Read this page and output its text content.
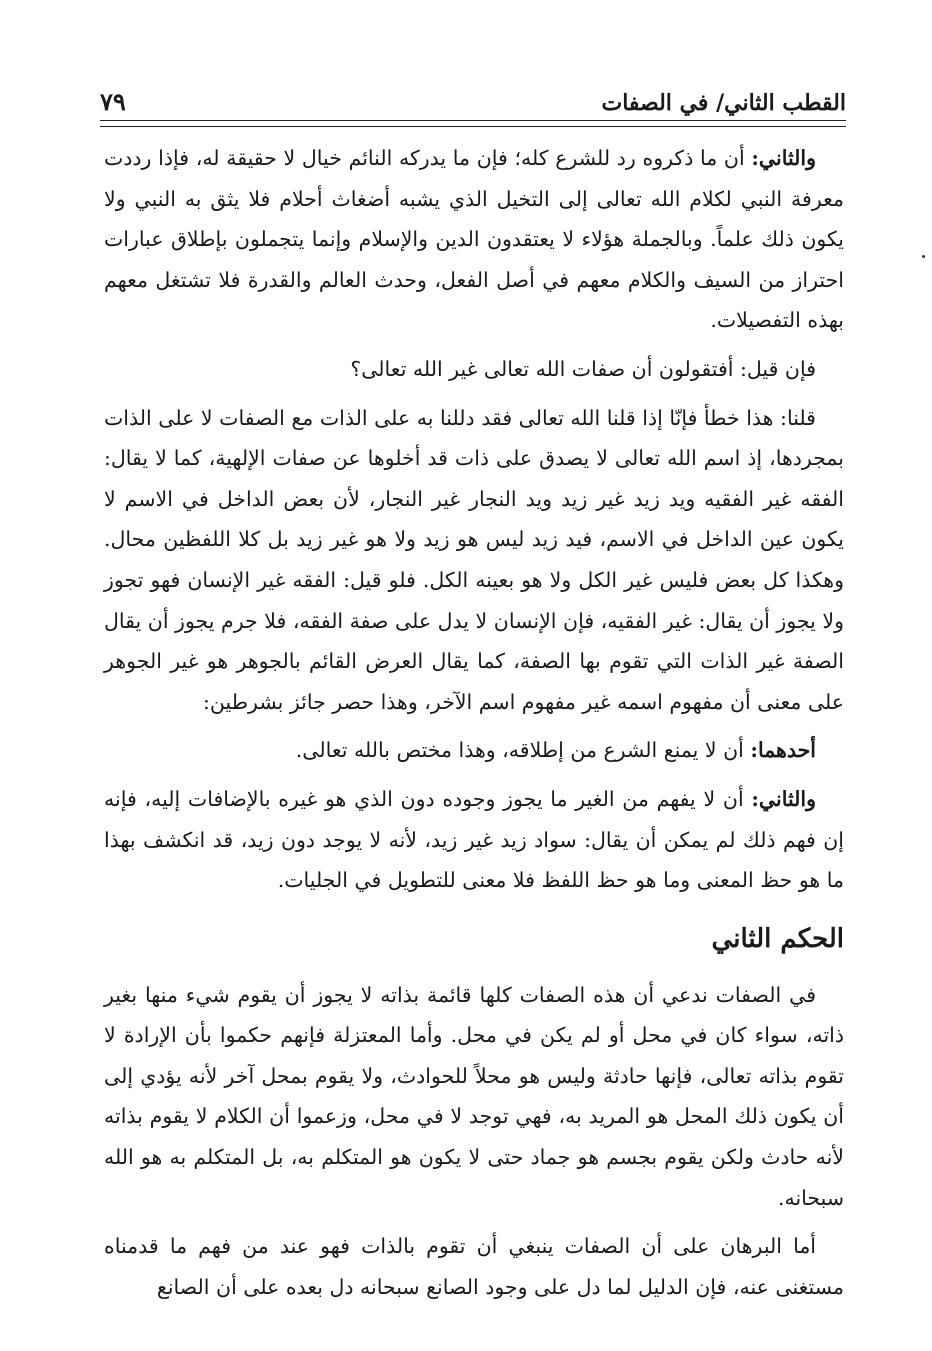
القطب الثاني/ في الصفات
٧٩

والثاني: أن ما ذكروه رد للشرع كله؛ فإن ما يدركه النائم خيال لا حقيقة له، فإذا رددت معرفة النبي لكلام الله تعالى إلى التخيل الذي يشبه أضغاث أحلام فلا يثق به النبي ولا يكون ذلك علماً. وبالجملة هؤلاء لا يعتقدون الدين والإسلام وإنما يتجملون بإطلاق عبارات احتراز من السيف والكلام معهم في أصل الفعل، وحدث العالم والقدرة فلا تشتغل معهم بهذه التفصيلات.

فإن قيل: أفتقولون أن صفات الله تعالى غير الله تعالى؟

قلنا: هذا خطأ فإنّا إذا قلنا الله تعالى فقد دللنا به على الذات مع الصفات لا على الذات بمجردها، إذ اسم الله تعالى لا يصدق على ذات قد أخلوها عن صفات الإلهية، كما لا يقال: الفقه غير الفقيه ويد زيد غير زيد ويد النجار غير النجار، لأن بعض الداخل في الاسم لا يكون عين الداخل في الاسم، فيد زيد ليس هو زيد ولا هو غير زيد بل كلا اللفظين محال. وهكذا كل بعض فليس غير الكل ولا هو بعينه الكل. فلو قيل: الفقه غير الإنسان فهو تجوز ولا يجوز أن يقال: غير الفقيه، فإن الإنسان لا يدل على صفة الفقه، فلا جرم يجوز أن يقال الصفة غير الذات التي تقوم بها الصفة، كما يقال العرض القائم بالجوهر هو غير الجوهر على معنى أن مفهوم اسمه غير مفهوم اسم الآخر، وهذا حصر جائز بشرطين:

أحدهما: أن لا يمنع الشرع من إطلاقه، وهذا مختص بالله تعالى.

والثاني: أن لا يفهم من الغير ما يجوز وجوده دون الذي هو غيره بالإضافات إليه، فإنه إن فهم ذلك لم يمكن أن يقال: سواد زيد غير زيد، لأنه لا يوجد دون زيد، قد انكشف بهذا ما هو حظ المعنى وما هو حظ اللفظ فلا معنى للتطويل في الجليات.

الحكم الثاني

في الصفات ندعي أن هذه الصفات كلها قائمة بذاته لا يجوز أن يقوم شيء منها بغير ذاته، سواء كان في محل أو لم يكن في محل. وأما المعتزلة فإنهم حكموا بأن الإرادة لا تقوم بذاته تعالى، فإنها حادثة وليس هو محلاً للحوادث، ولا يقوم بمحل آخر لأنه يؤدي إلى أن يكون ذلك المحل هو المريد به، فهي توجد لا في محل، وزعموا أن الكلام لا يقوم بذاته لأنه حادث ولكن يقوم بجسم هو جماد حتى لا يكون هو المتكلم به، بل المتكلم به هو الله سبحانه.

أما البرهان على أن الصفات ينبغي أن تقوم بالذات فهو عند من فهم ما قدمناه مستغنى عنه، فإن الدليل لما دل على وجود الصانع سبحانه دل بعده على أن الصانع
